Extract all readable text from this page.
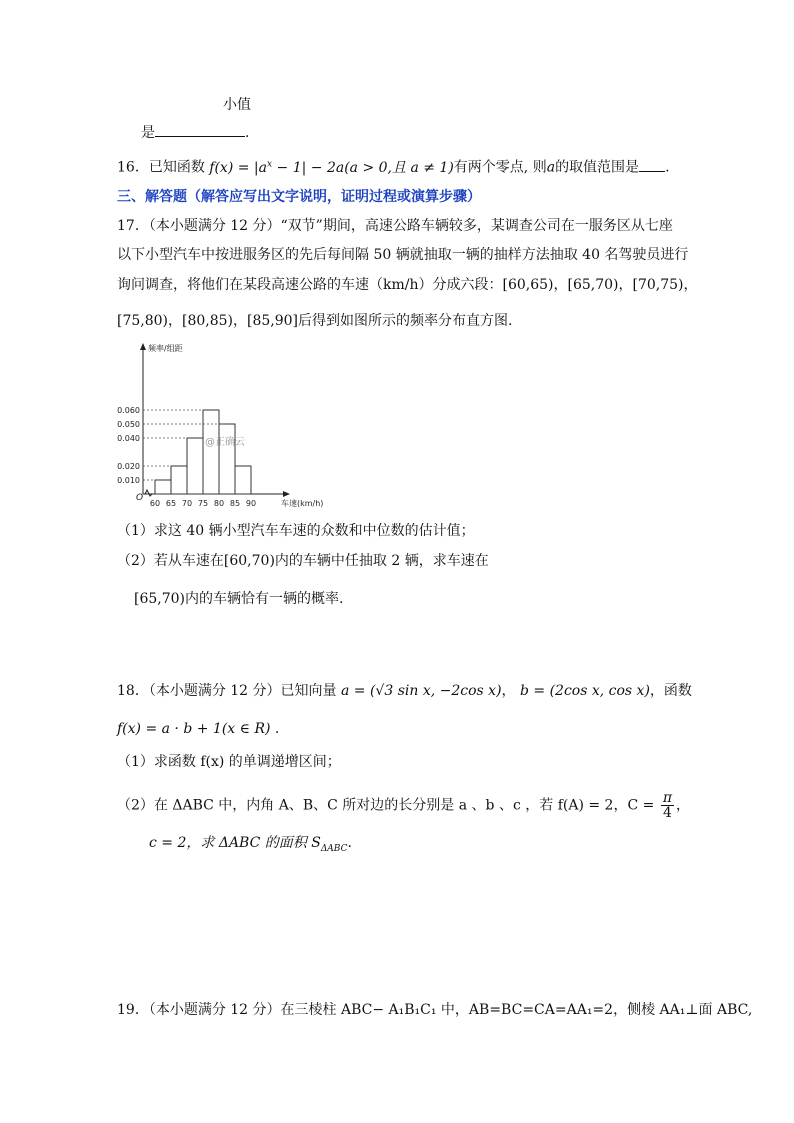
小值
是	.
16．已知函数 $f(x) = |a^x - 1| - 2a(a > 0$,且 a ≠ 1)有两个零点, 则a的取值范围是 .
三、解答题（解答应写出文字说明，证明过程或演算步骤）
17．（本小题满分 12 分）“双节”期间，高速公路车辆较多，某调查公司在一服务区从七座
以下小型汽车中按进服务区的先后每间隔 50 辆就抽取一辆的抽样方法抽取 40 名驾驶员进行
询问调查，将他们在某段高速公路的车速（km/h）分成六段：[60,65)，[65,70)，[70,75)，
[75,80)，[80,85)，[85,90]后得到如图所示的频率分布直方图.
0.010
0.020
0.040
0.050
0.060
60 65 70 75 80 85 90
O
频率/组距
车速(km/h)
@正确云
（1）求这 40 辆小型汽车车速的众数和中位数的估计值；
（2）若从车速在[60,70)内的车辆中任抽取 2 辆，求车速在
[65,70)内的车辆恰有一辆的概率.
18．（本小题满分 12 分）已知向量 a = (√3 sin x, −2cos x)， b = (2cos x, cos x)，函数
f(x) = a · b + 1(x ∈ R) .
（1）求函数 f(x) 的单调递增区间；
（2）在 ΔABC 中，内角 A、B、C 所对边的长分别是 a 、b 、c ，若 f(A) = 2，$C = \frac{\pi}{4}$ ，
c = 2，求 ΔABC 的面积 $S_{\Delta ABC}$.
19．（本小题满分 12 分）在三棱柱 ABC− A₁B₁C₁ 中，AB=BC=CA=AA₁=2，侧棱 AA₁⊥面 ABC,
